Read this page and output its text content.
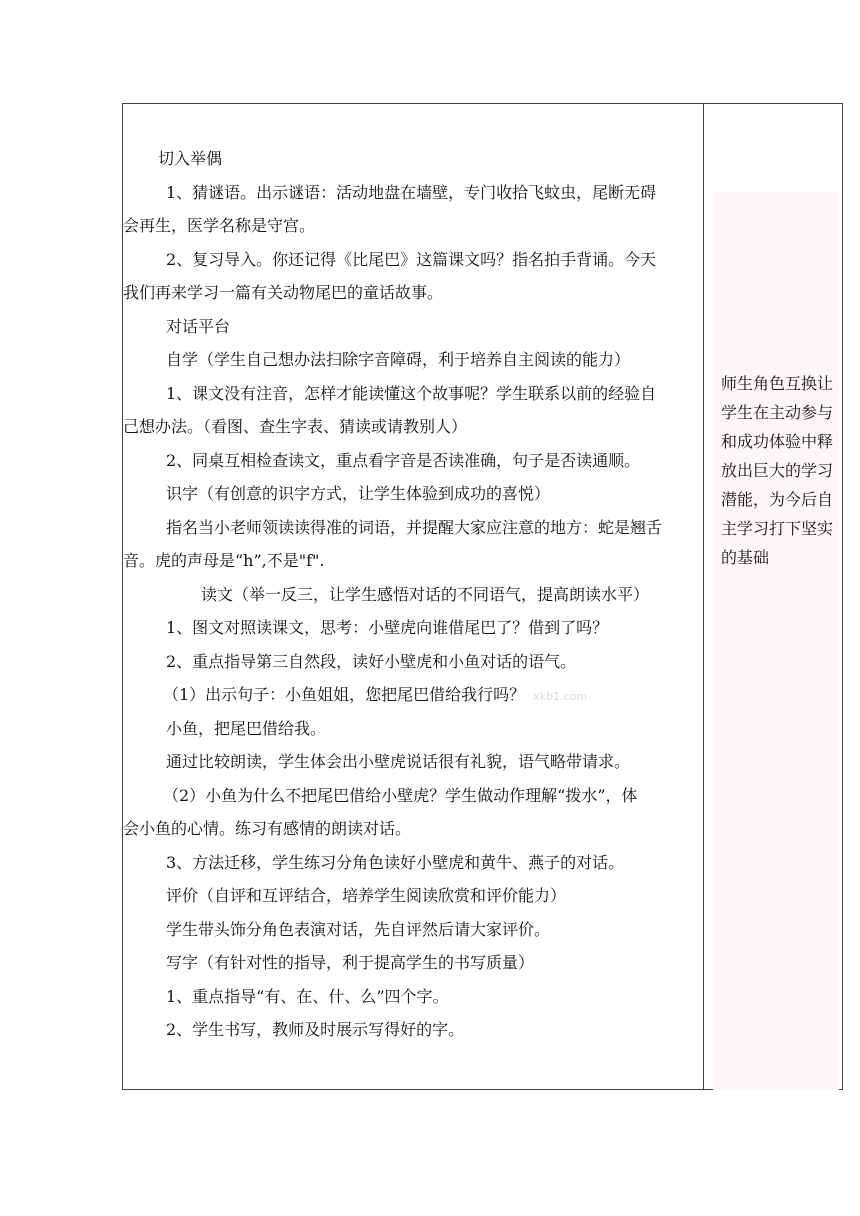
切入举偶
1、猜谜语。出示谜语：活动地盘在墙壁，专门收拾飞蚊虫，尾断无碍
会再生，医学名称是守宫。
2、复习导入。你还记得《比尾巴》这篇课文吗？指名拍手背诵。今天
我们再来学习一篇有关动物尾巴的童话故事。
对话平台
自学（学生自己想办法扫除字音障碍，利于培养自主阅读的能力）
1、课文没有注音，怎样才能读懂这个故事呢？学生联系以前的经验自
己想办法。（看图、查生字表、猜读或请教别人）
2、同桌互相检查读文，重点看字音是否读准确，句子是否读通顺。
识字（有创意的识字方式，让学生体验到成功的喜悦）
指名当小老师领读读得准的词语，并提醒大家应注意的地方：蛇是翘舌
音。虎的声母是“h”,不是"f".
读文（举一反三，让学生感悟对话的不同语气，提高朗读水平）
1、图文对照读课文，思考：小壁虎向谁借尾巴了？借到了吗？
2、重点指导第三自然段，读好小壁虎和小鱼对话的语气。
（1）出示句子：小鱼姐姐，您把尾巴借给我行吗？ xkb1.com
小鱼，把尾巴借给我。
通过比较朗读，学生体会出小壁虎说话很有礼貌，语气略带请求。
（2）小鱼为什么不把尾巴借给小壁虎？学生做动作理解“拨水”，体
会小鱼的心情。练习有感情的朗读对话。
3、方法迁移，学生练习分角色读好小壁虎和黄牛、燕子的对话。
评价（自评和互评结合，培养学生阅读欣赏和评价能力）
学生带头饰分角色表演对话，先自评然后请大家评价。
写字（有针对性的指导，利于提高学生的书写质量）
1、重点指导“有、在、什、么”四个字。
2、学生书写，教师及时展示写得好的字。
师生角色互换让
学生在主动参与
和成功体验中释
放出巨大的学习
潜能，为今后自
主学习打下坚实
的基础
